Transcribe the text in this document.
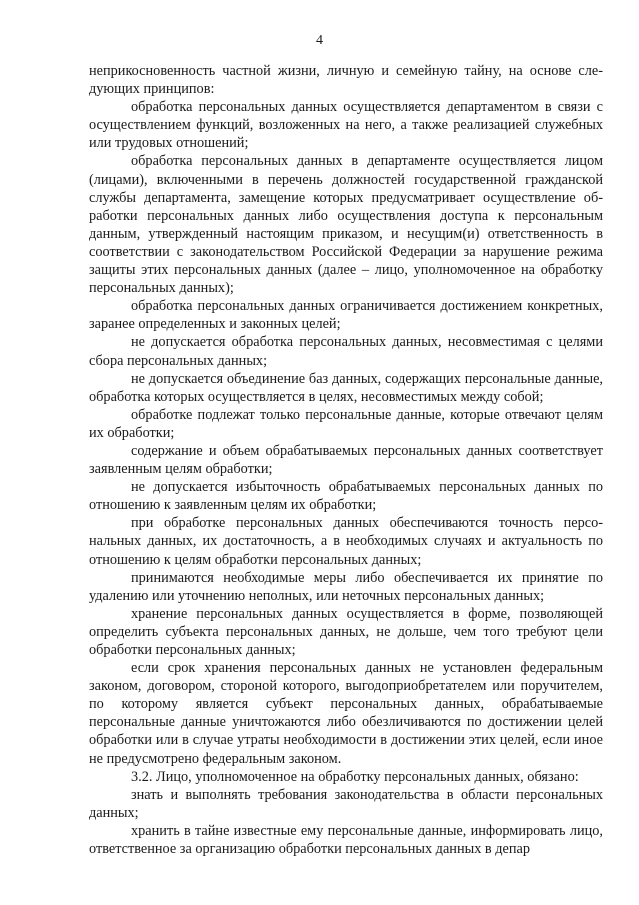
4

неприкосновенность частной жизни, личную и семейную тайну, на основе следующих принципов:

обработка персональных данных осуществляется департаментом в связи с осуществлением функций, возложенных на него, а также реализацией служебных или трудовых отношений;

обработка персональных данных в департаменте осуществляется лицом (лицами), включенными в перечень должностей государственной гражданской службы департамента, замещение которых предусматривает осуществление обработки персональных данных либо осуществления доступа к персональным данным, утвержденный настоящим приказом, и несущим(и) ответственность в соответствии с законодательством Российской Федерации за нарушение режима защиты этих персональных данных (далее – лицо, уполномоченное на обработку персональных данных);

обработка персональных данных ограничивается достижением конкретных, заранее определенных и законных целей;

не допускается обработка персональных данных, несовместимая с целями сбора персональных данных;

не допускается объединение баз данных, содержащих персональные данные, обработка которых осуществляется в целях, несовместимых между собой;

обработке подлежат только персональные данные, которые отвечают целям их обработки;

содержание и объем обрабатываемых персональных данных соответствует заявленным целям обработки;

не допускается избыточность обрабатываемых персональных данных по отношению к заявленным целям их обработки;

при обработке персональных данных обеспечиваются точность персональных данных, их достаточность, а в необходимых случаях и актуальность по отношению к целям обработки персональных данных;

принимаются необходимые меры либо обеспечивается их принятие по удалению или уточнению неполных, или неточных персональных данных;

хранение персональных данных осуществляется в форме, позволяющей определить субъекта персональных данных, не дольше, чем того требуют цели обработки персональных данных;

если срок хранения персональных данных не установлен федеральным законом, договором, стороной которого, выгодоприобретателем или поручителем, по которому является субъект персональных данных, обрабатываемые персональные данные уничтожаются либо обезличиваются по достижении целей обработки или в случае утраты необходимости в достижении этих целей, если иное не предусмотрено федеральным законом.

3.2. Лицо, уполномоченное на обработку персональных данных, обязано:

знать и выполнять требования законодательства в области персональных данных;

хранить в тайне известные ему персональные данные, информировать лицо, ответственное за организацию обработки персональных данных в депар
